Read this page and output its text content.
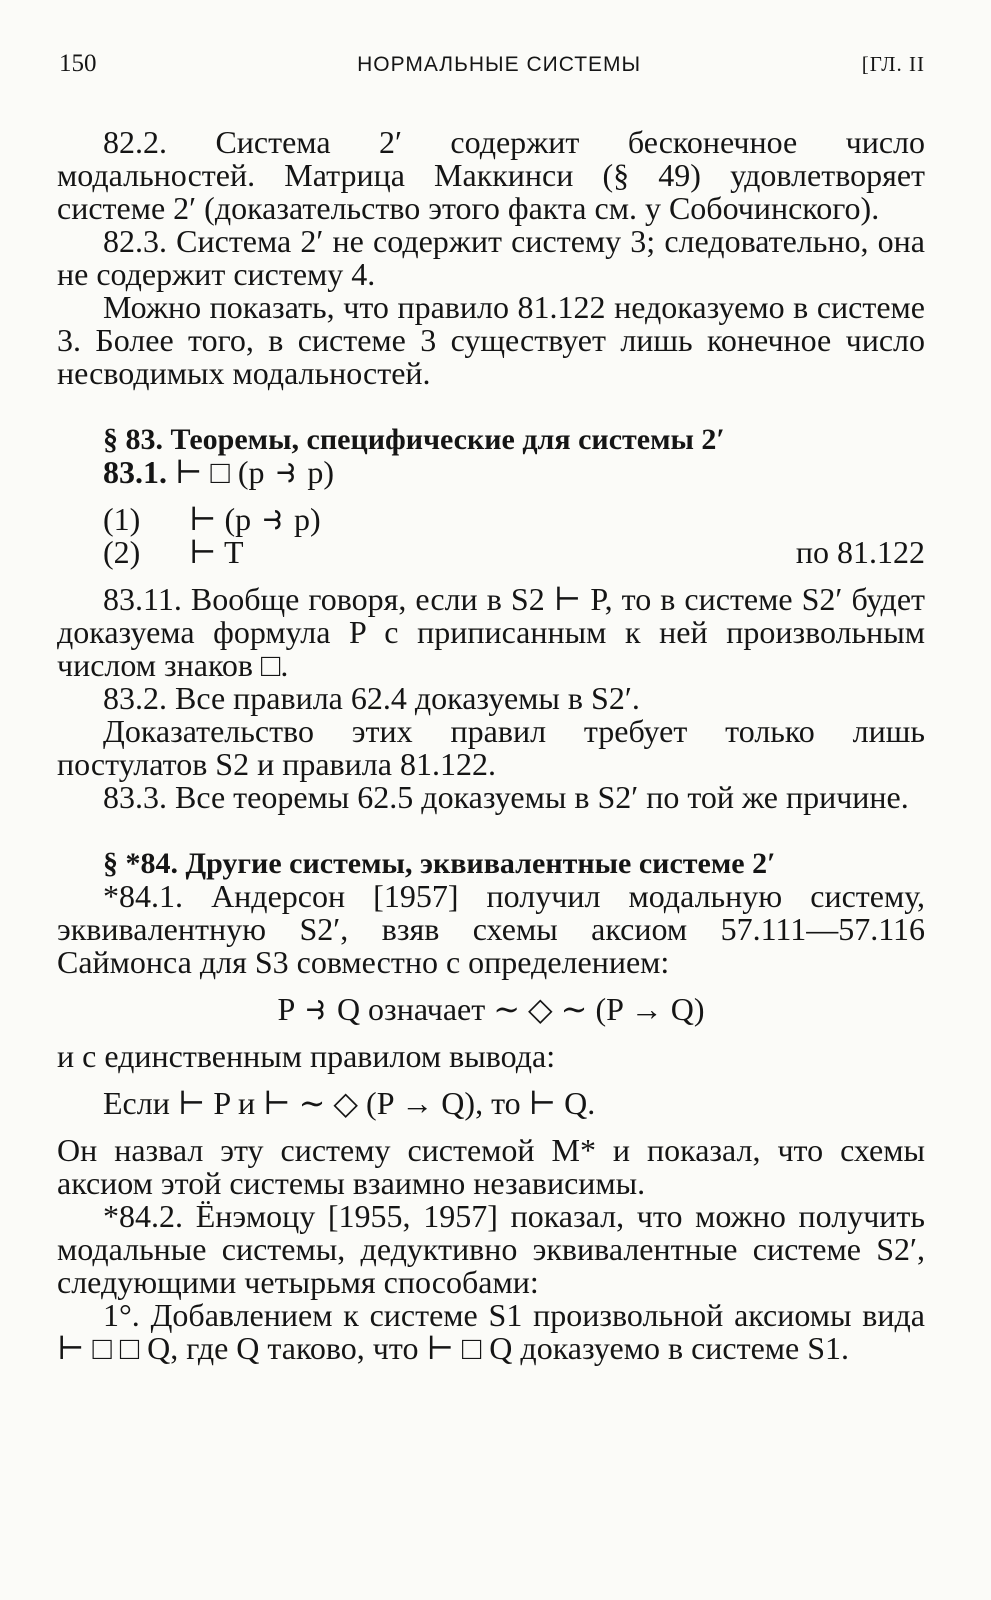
150	НОРМАЛЬНЫЕ СИСТЕМЫ	[ГЛ. II

82.2. Система 2′ содержит бесконечное число модальностей. Матрица Маккинси (§ 49) удовлетворяет системе 2′ (доказательство этого факта см. у Собочинского).

82.3. Система 2′ не содержит систему 3; следовательно, она не содержит систему 4.

Можно показать, что правило 81.122 недоказуемо в системе 3. Более того, в системе 3 существует лишь конечное число несводимых модальностей.

§ 83. Теоремы, специфические для системы 2′
83.1. ⊢ □ (p ⥽ p)
(1)	⊢ (p ⥽ p)
(2)	⊢ T	по 81.122

83.11. Вообще говоря, если в S2 ⊢ P, то в системе S2′ будет доказуема формула P с приписанным к ней произвольным числом знаков □.

83.2. Все правила 62.4 доказуемы в S2′.

Доказательство этих правил требует только лишь постулатов S2 и правила 81.122.

83.3. Все теоремы 62.5 доказуемы в S2′ по той же причине.

§ *84. Другие системы, эквивалентные системе 2′

*84.1. Андерсон [1957] получил модальную систему, эквивалентную S2′, взяв схемы аксиом 57.111—57.116 Саймонса для S3 совместно с определением:

P ⥽ Q означает ∼ ◇ ∼ (P → Q)

и с единственным правилом вывода:

Если ⊢ P и ⊢ ∼ ◇ (P → Q), то ⊢ Q.

Он назвал эту систему системой M* и показал, что схемы аксиом этой системы взаимно независимы.

*84.2. Ёнэмоцу [1955, 1957] показал, что можно получить модальные системы, дедуктивно эквивалентные системе S2′, следующими четырьмя способами:

1°. Добавлением к системе S1 произвольной аксиомы вида ⊢ □ □ Q, где Q таково, что ⊢ □ Q доказуемо в системе S1.
